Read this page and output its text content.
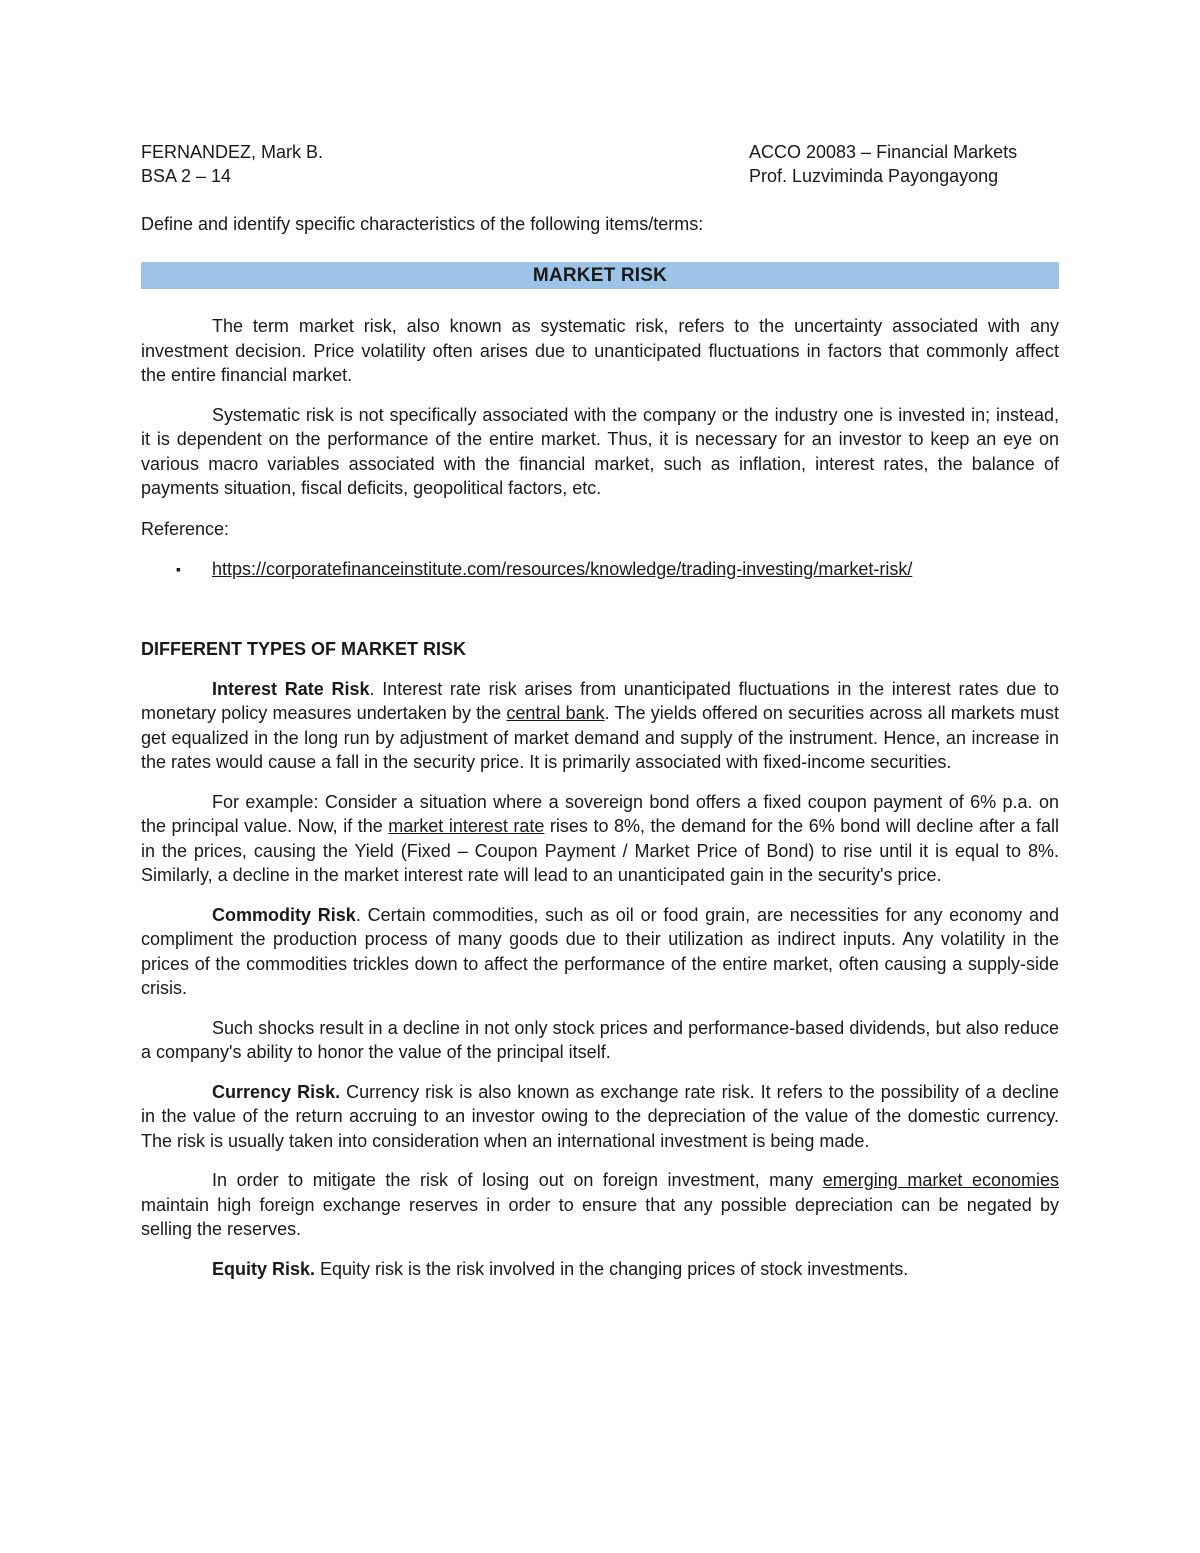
FERNANDEZ, Mark B.	ACCO 20083 – Financial Markets
BSA 2 – 14	Prof. Luzviminda Payongayong
Define and identify specific characteristics of the following items/terms:
MARKET RISK

The term market risk, also known as systematic risk, refers to the uncertainty associated with any investment decision. Price volatility often arises due to unanticipated fluctuations in factors that commonly affect the entire financial market.

Systematic risk is not specifically associated with the company or the industry one is invested in; instead, it is dependent on the performance of the entire market. Thus, it is necessary for an investor to keep an eye on various macro variables associated with the financial market, such as inflation, interest rates, the balance of payments situation, fiscal deficits, geopolitical factors, etc.

Reference:
▪ https://corporatefinanceinstitute.com/resources/knowledge/trading-investing/market-risk/
DIFFERENT TYPES OF MARKET RISK

Interest Rate Risk. Interest rate risk arises from unanticipated fluctuations in the interest rates due to monetary policy measures undertaken by the central bank. The yields offered on securities across all markets must get equalized in the long run by adjustment of market demand and supply of the instrument. Hence, an increase in the rates would cause a fall in the security price. It is primarily associated with fixed-income securities.

For example: Consider a situation where a sovereign bond offers a fixed coupon payment of 6% p.a. on the principal value. Now, if the market interest rate rises to 8%, the demand for the 6% bond will decline after a fall in the prices, causing the Yield (Fixed – Coupon Payment / Market Price of Bond) to rise until it is equal to 8%. Similarly, a decline in the market interest rate will lead to an unanticipated gain in the security's price.

Commodity Risk. Certain commodities, such as oil or food grain, are necessities for any economy and compliment the production process of many goods due to their utilization as indirect inputs. Any volatility in the prices of the commodities trickles down to affect the performance of the entire market, often causing a supply-side crisis.

Such shocks result in a decline in not only stock prices and performance-based dividends, but also reduce a company's ability to honor the value of the principal itself.

Currency Risk. Currency risk is also known as exchange rate risk. It refers to the possibility of a decline in the value of the return accruing to an investor owing to the depreciation of the value of the domestic currency. The risk is usually taken into consideration when an international investment is being made.

In order to mitigate the risk of losing out on foreign investment, many emerging market economies maintain high foreign exchange reserves in order to ensure that any possible depreciation can be negated by selling the reserves.

Equity Risk. Equity risk is the risk involved in the changing prices of stock investments.
